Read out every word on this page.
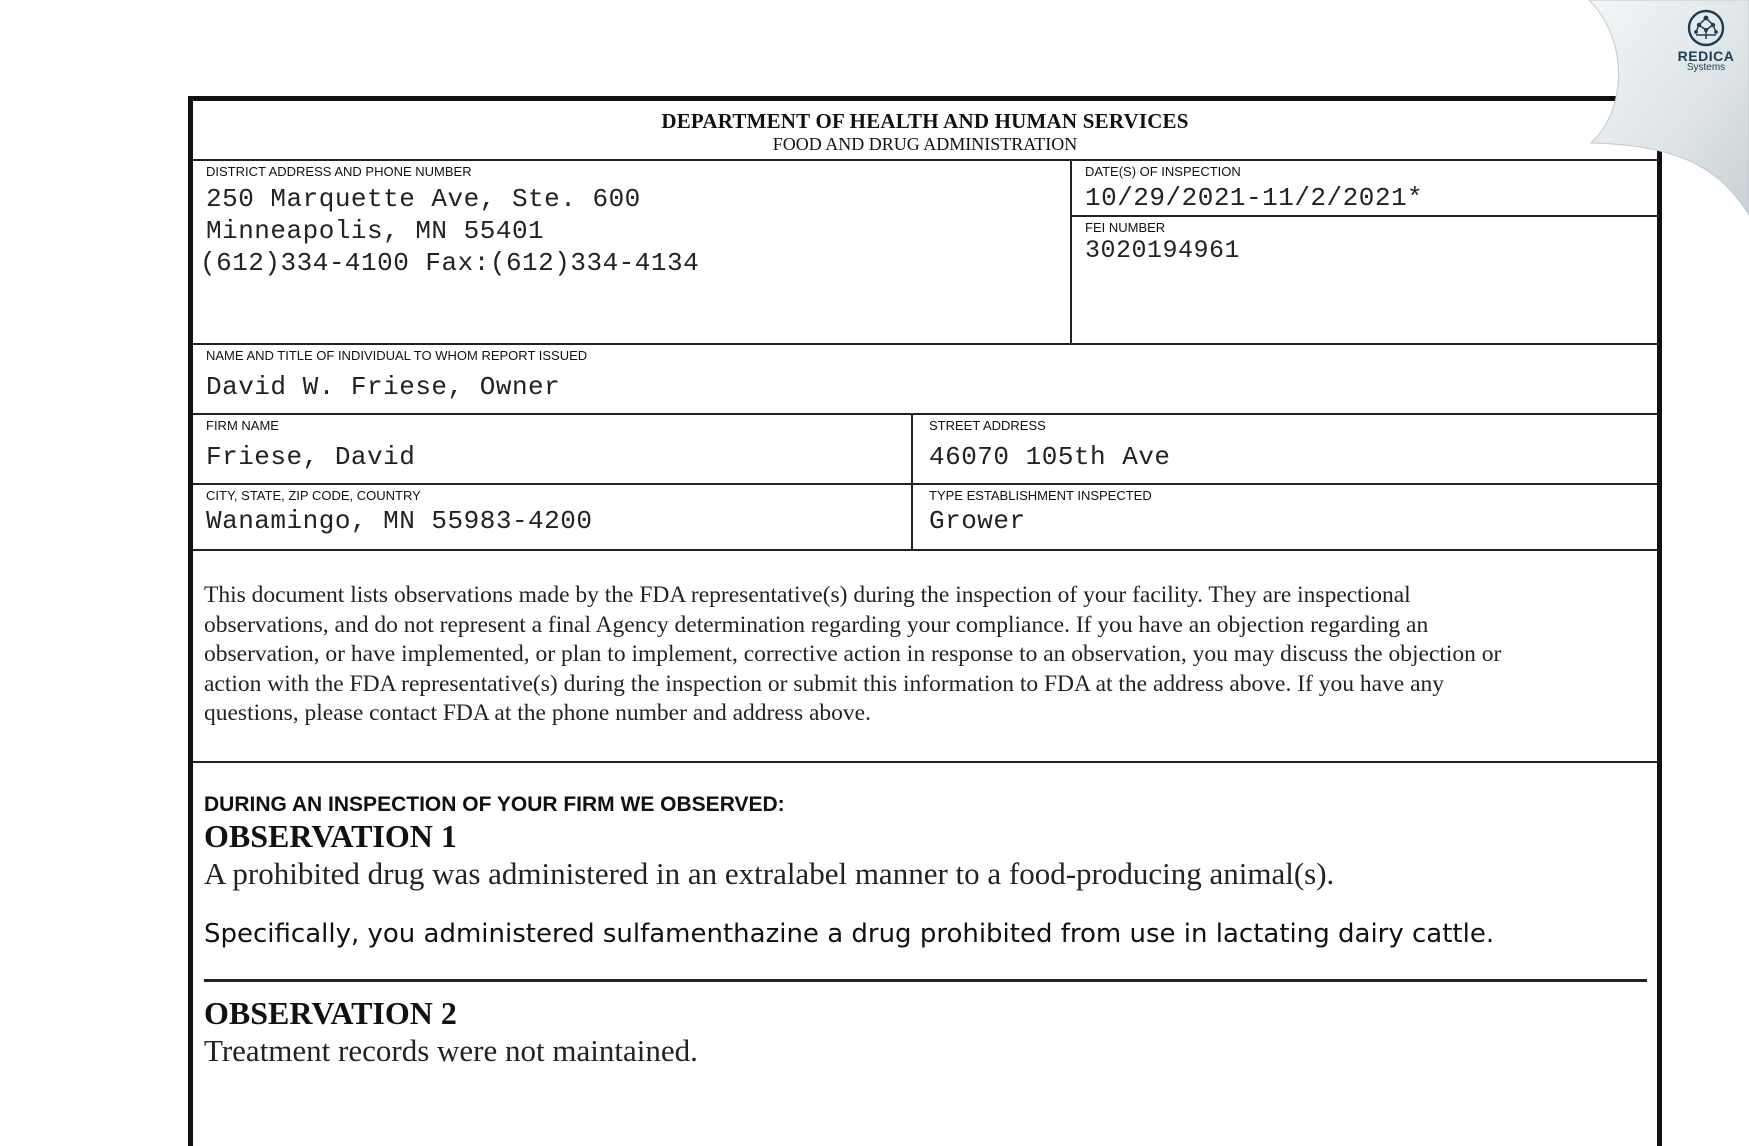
DEPARTMENT OF HEALTH AND HUMAN SERVICES
FOOD AND DRUG ADMINISTRATION
DISTRICT ADDRESS AND PHONE NUMBER
250 Marquette Ave, Ste. 600
Minneapolis, MN 55401
(612)334-4100 Fax:(612)334-4134
DATE(S) OF INSPECTION
10/29/2021-11/2/2021*
FEI NUMBER
3020194961
NAME AND TITLE OF INDIVIDUAL TO WHOM REPORT ISSUED
David W. Friese, Owner
FIRM NAME
Friese, David
STREET ADDRESS
46070 105th Ave
CITY, STATE, ZIP CODE, COUNTRY
Wanamingo, MN 55983-4200
TYPE ESTABLISHMENT INSPECTED
Grower
This document lists observations made by the FDA representative(s) during the inspection of your facility. They are inspectional
observations, and do not represent a final Agency determination regarding your compliance. If you have an objection regarding an
observation, or have implemented, or plan to implement, corrective action in response to an observation, you may discuss the objection or
action with the FDA representative(s) during the inspection or submit this information to FDA at the address above. If you have any
questions, please contact FDA at the phone number and address above.
DURING AN INSPECTION OF YOUR FIRM WE OBSERVED:
OBSERVATION 1
A prohibited drug was administered in an extralabel manner to a food-producing animal(s).
Specifically, you administered sulfamenthazine a drug prohibited from use in lactating dairy cattle.
OBSERVATION 2
Treatment records were not maintained.
REDICA
Systems
